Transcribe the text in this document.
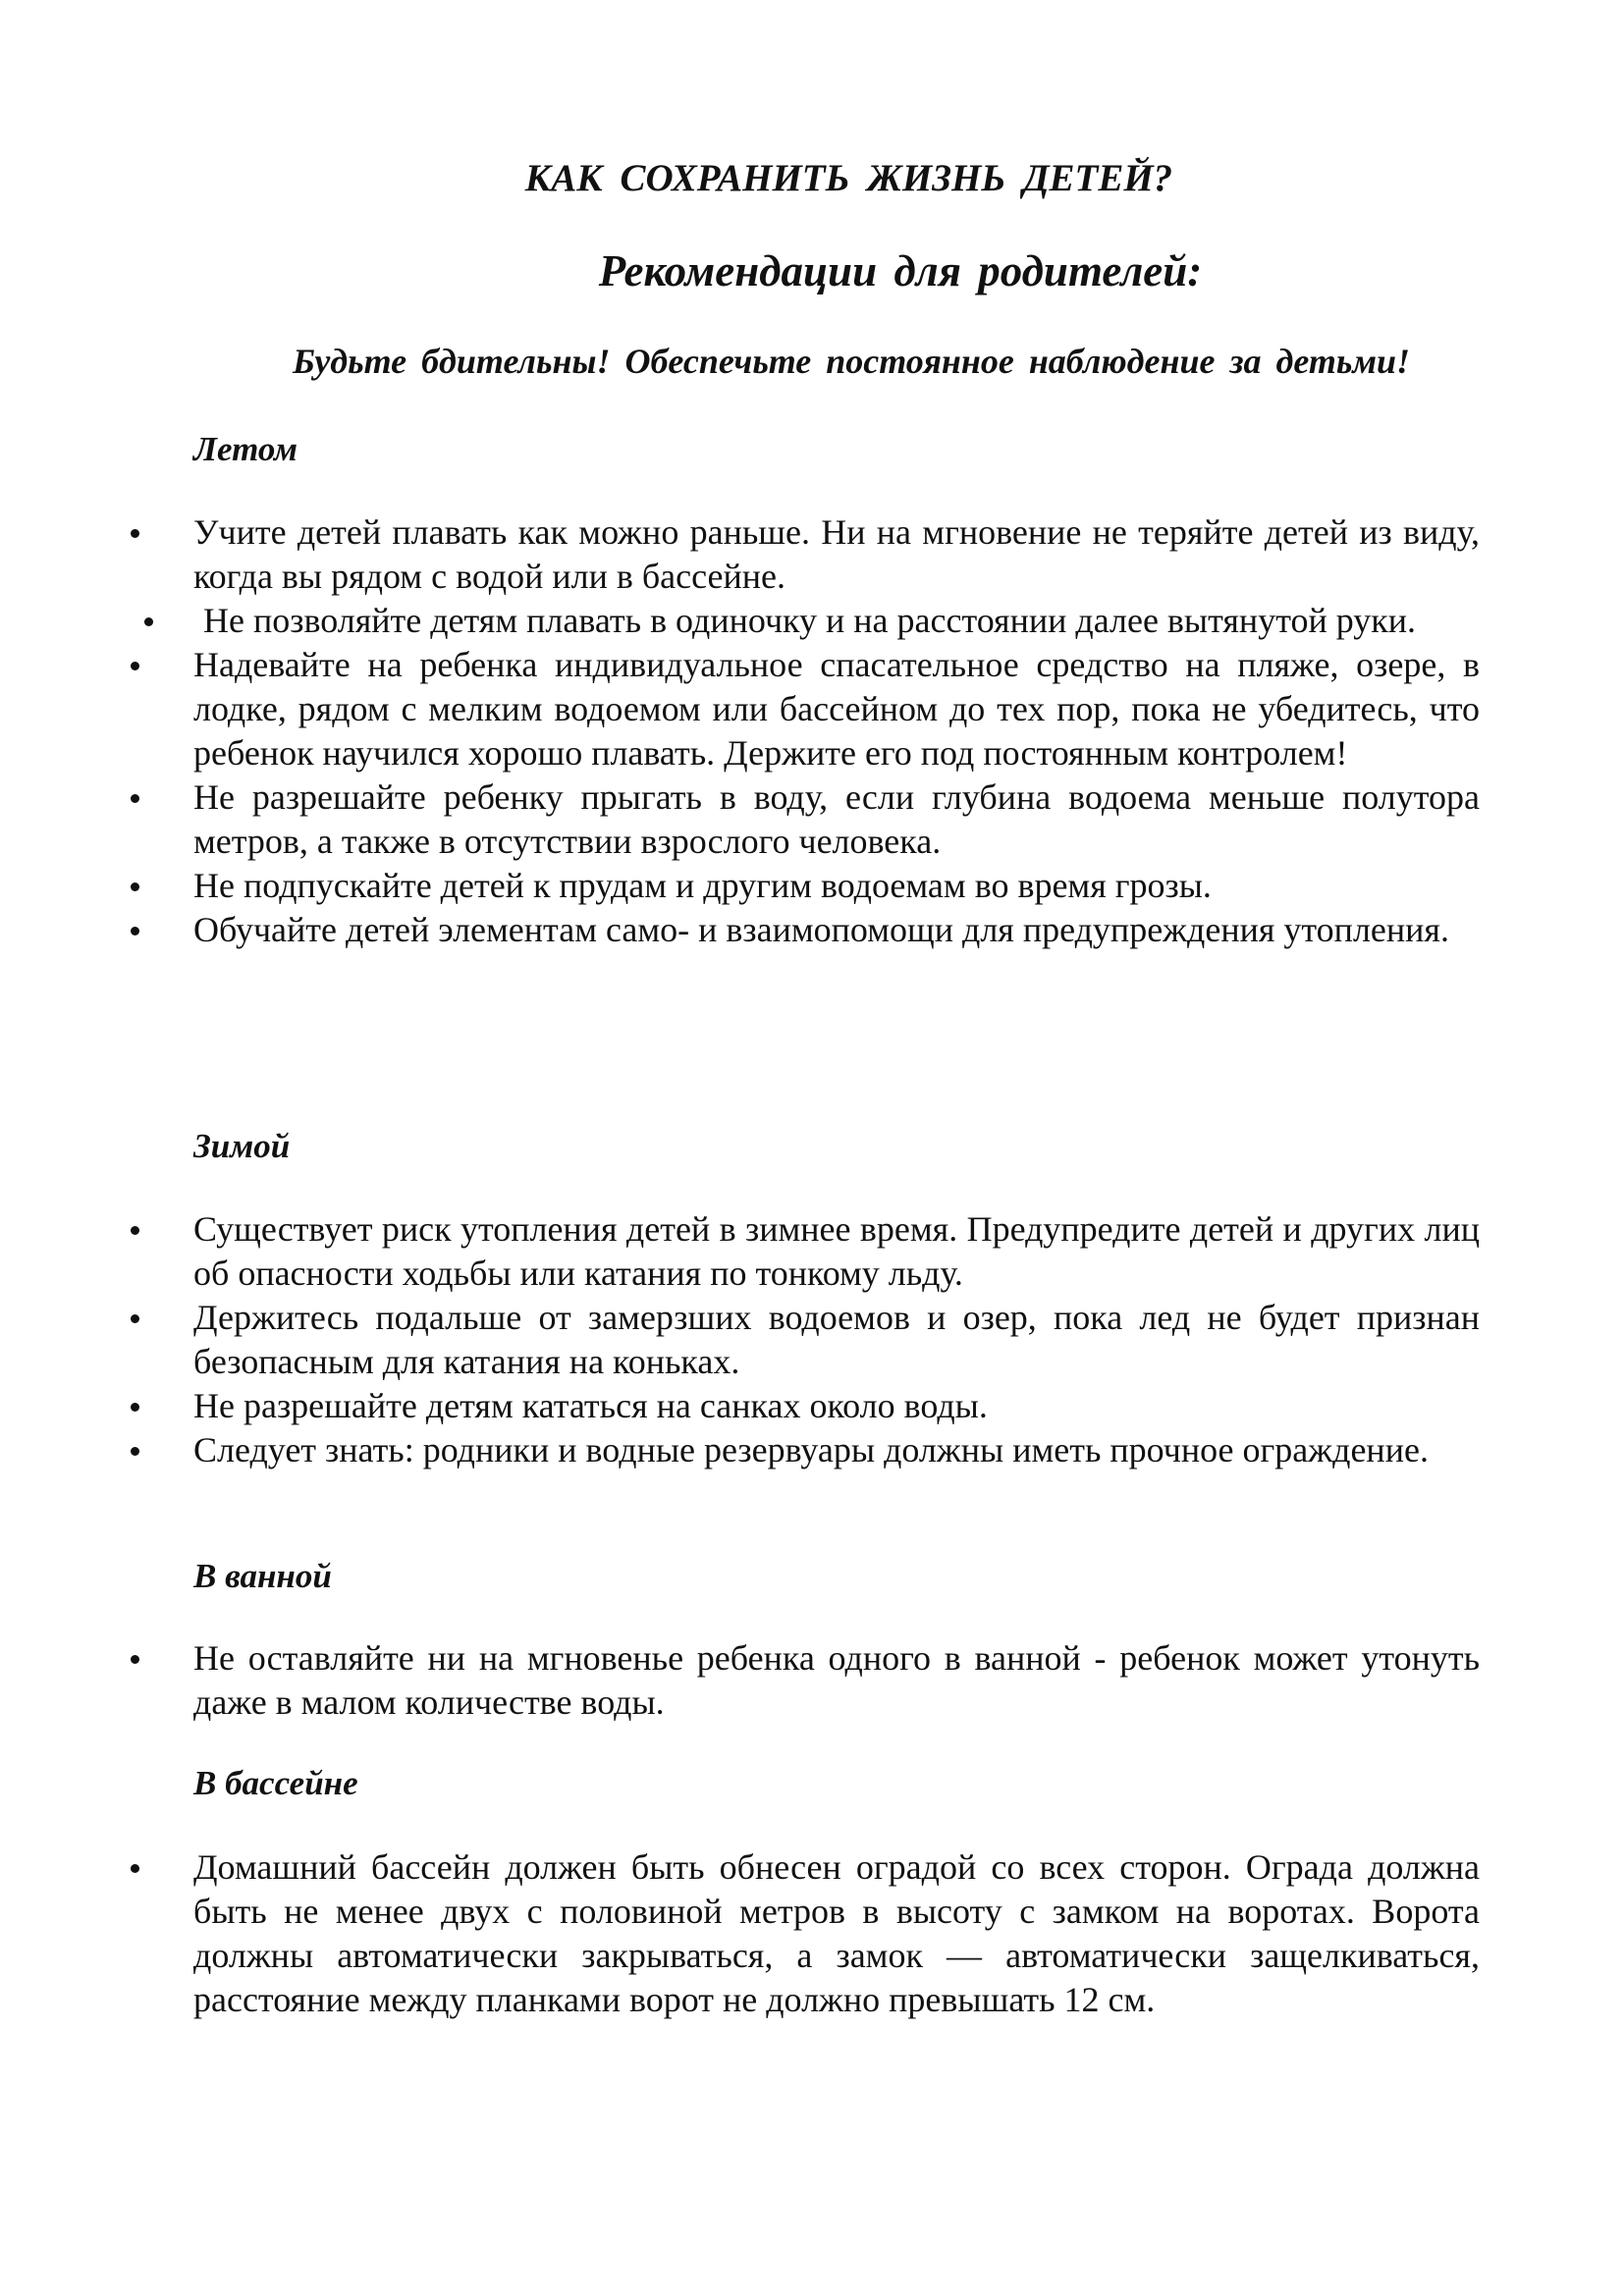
КАК СОХРАНИТЬ ЖИЗНЬ ДЕТЕЙ?
Рекомендации для родителей:
Будьте бдительны! Обеспечьте постоянное наблюдение за детьми!
Летом
Учите детей плавать как можно раньше. Ни на мгновение не теряйте детей из виду, когда вы рядом с водой или в бассейне.
Не позволяйте детям плавать в одиночку и на расстоянии далее вытянутой руки.
Надевайте на ребенка индивидуальное спасательное средство на пляже, озере, в лодке, рядом с мелким водоемом или бассейном до тех пор, пока не убедитесь, что ребенок научился хорошо плавать. Держите его под постоянным контролем!
Не разрешайте ребенку прыгать в воду, если глубина водоема меньше полутора метров, а также в отсутствии взрослого человека.
Не подпускайте детей к прудам и другим водоемам во время грозы.
Обучайте детей элементам само- и взаимопомощи для предупреждения утопления.
Зимой
Существует риск утопления детей в зимнее время. Предупредите детей и других лиц об опасности ходьбы или катания по тонкому льду.
Держитесь подальше от замерзших водоемов и озер, пока лед не будет признан безопасным для катания на коньках.
Не разрешайте детям кататься на санках около воды.
Следует знать: родники и водные резервуары должны иметь прочное ограждение.
В ванной
Не оставляйте ни на мгновенье ребенка одного в ванной - ребенок может утонуть даже в малом количестве воды.
В бассейне
Домашний бассейн должен быть обнесен оградой со всех сторон. Ограда должна быть не менее двух с половиной метров в высоту с замком на воротах. Ворота должны автоматически закрываться, а замок — автоматически защелкиваться, расстояние между планками ворот не должно превышать 12 см.
